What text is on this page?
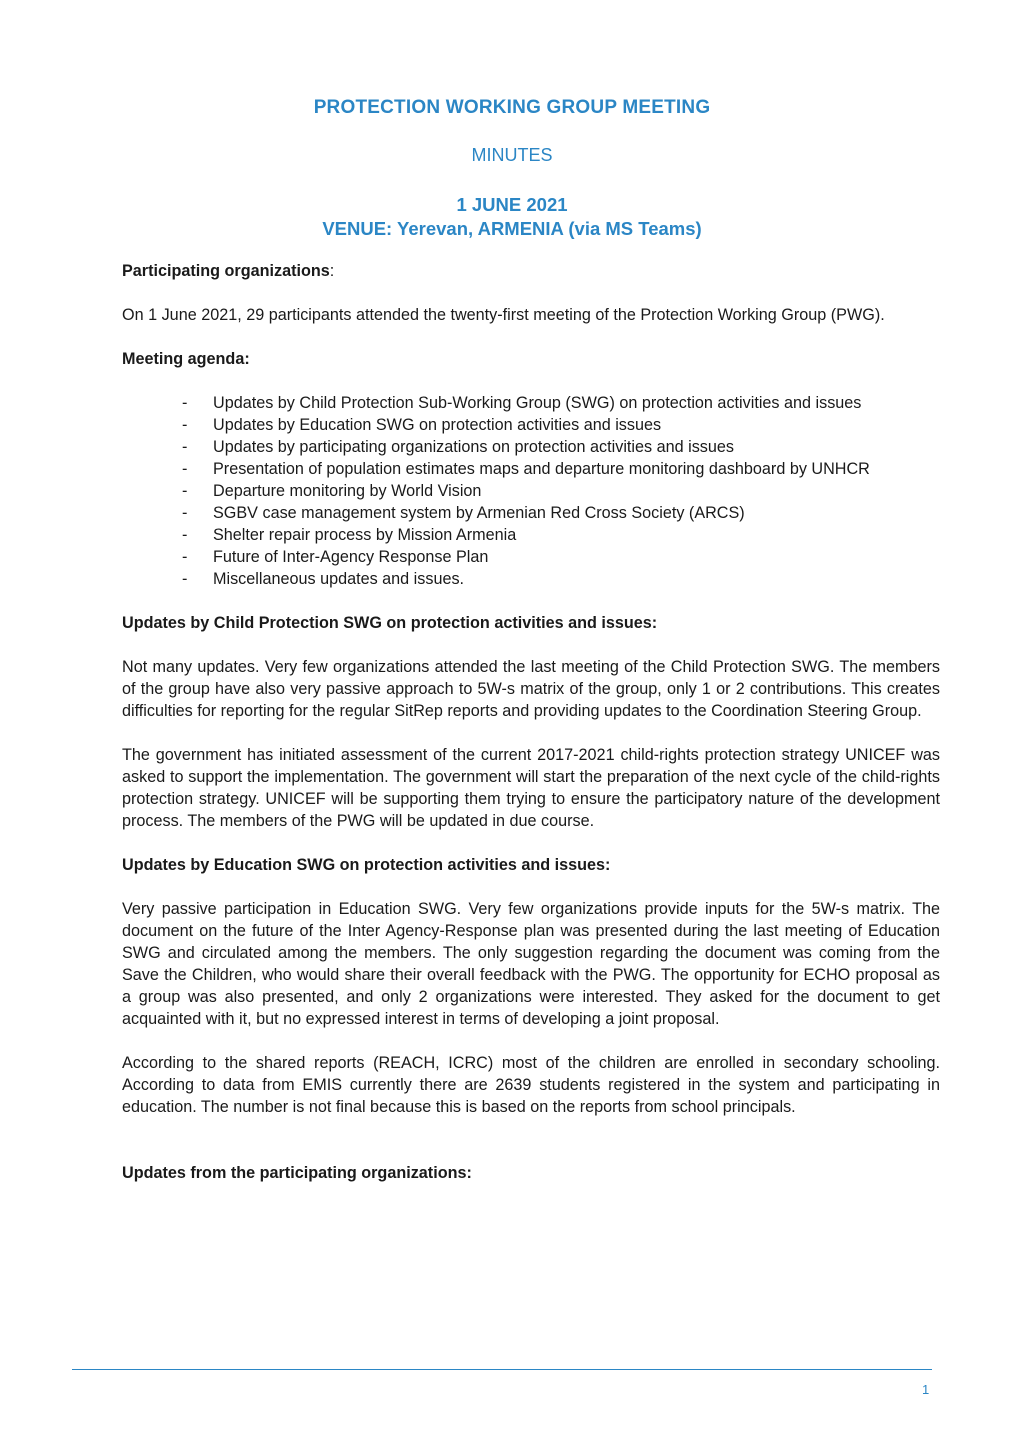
PROTECTION WORKING GROUP MEETING
MINUTES
1 JUNE 2021
VENUE: Yerevan, ARMENIA (via MS Teams)

Participating organizations:

On 1 June 2021, 29 participants attended the twenty-first meeting of the Protection Working Group (PWG).

Meeting agenda:

- Updates by Child Protection Sub-Working Group (SWG) on protection activities and issues
- Updates by Education SWG on protection activities and issues
- Updates by participating organizations on protection activities and issues
- Presentation of population estimates maps and departure monitoring dashboard by UNHCR
- Departure monitoring by World Vision
- SGBV case management system by Armenian Red Cross Society (ARCS)
- Shelter repair process by Mission Armenia
- Future of Inter-Agency Response Plan
- Miscellaneous updates and issues.

Updates by Child Protection SWG on protection activities and issues:

Not many updates. Very few organizations attended the last meeting of the Child Protection SWG. The members of the group have also very passive approach to 5W-s matrix of the group, only 1 or 2 contributions. This creates difficulties for reporting for the regular SitRep reports and providing updates to the Coordination Steering Group.

The government has initiated assessment of the current 2017-2021 child-rights protection strategy UNICEF was asked to support the implementation. The government will start the preparation of the next cycle of the child-rights protection strategy. UNICEF will be supporting them trying to ensure the participatory nature of the development process. The members of the PWG will be updated in due course.

Updates by Education SWG on protection activities and issues:

Very passive participation in Education SWG. Very few organizations provide inputs for the 5W-s matrix. The document on the future of the Inter Agency-Response plan was presented during the last meeting of Education SWG and circulated among the members. The only suggestion regarding the document was coming from the Save the Children, who would share their overall feedback with the PWG. The opportunity for ECHO proposal as a group was also presented, and only 2 organizations were interested. They asked for the document to get acquainted with it, but no expressed interest in terms of developing a joint proposal.

According to the shared reports (REACH, ICRC) most of the children are enrolled in secondary schooling. According to data from EMIS currently there are 2639 students registered in the system and participating in education. The number is not final because this is based on the reports from school principals.

Updates from the participating organizations:

1
